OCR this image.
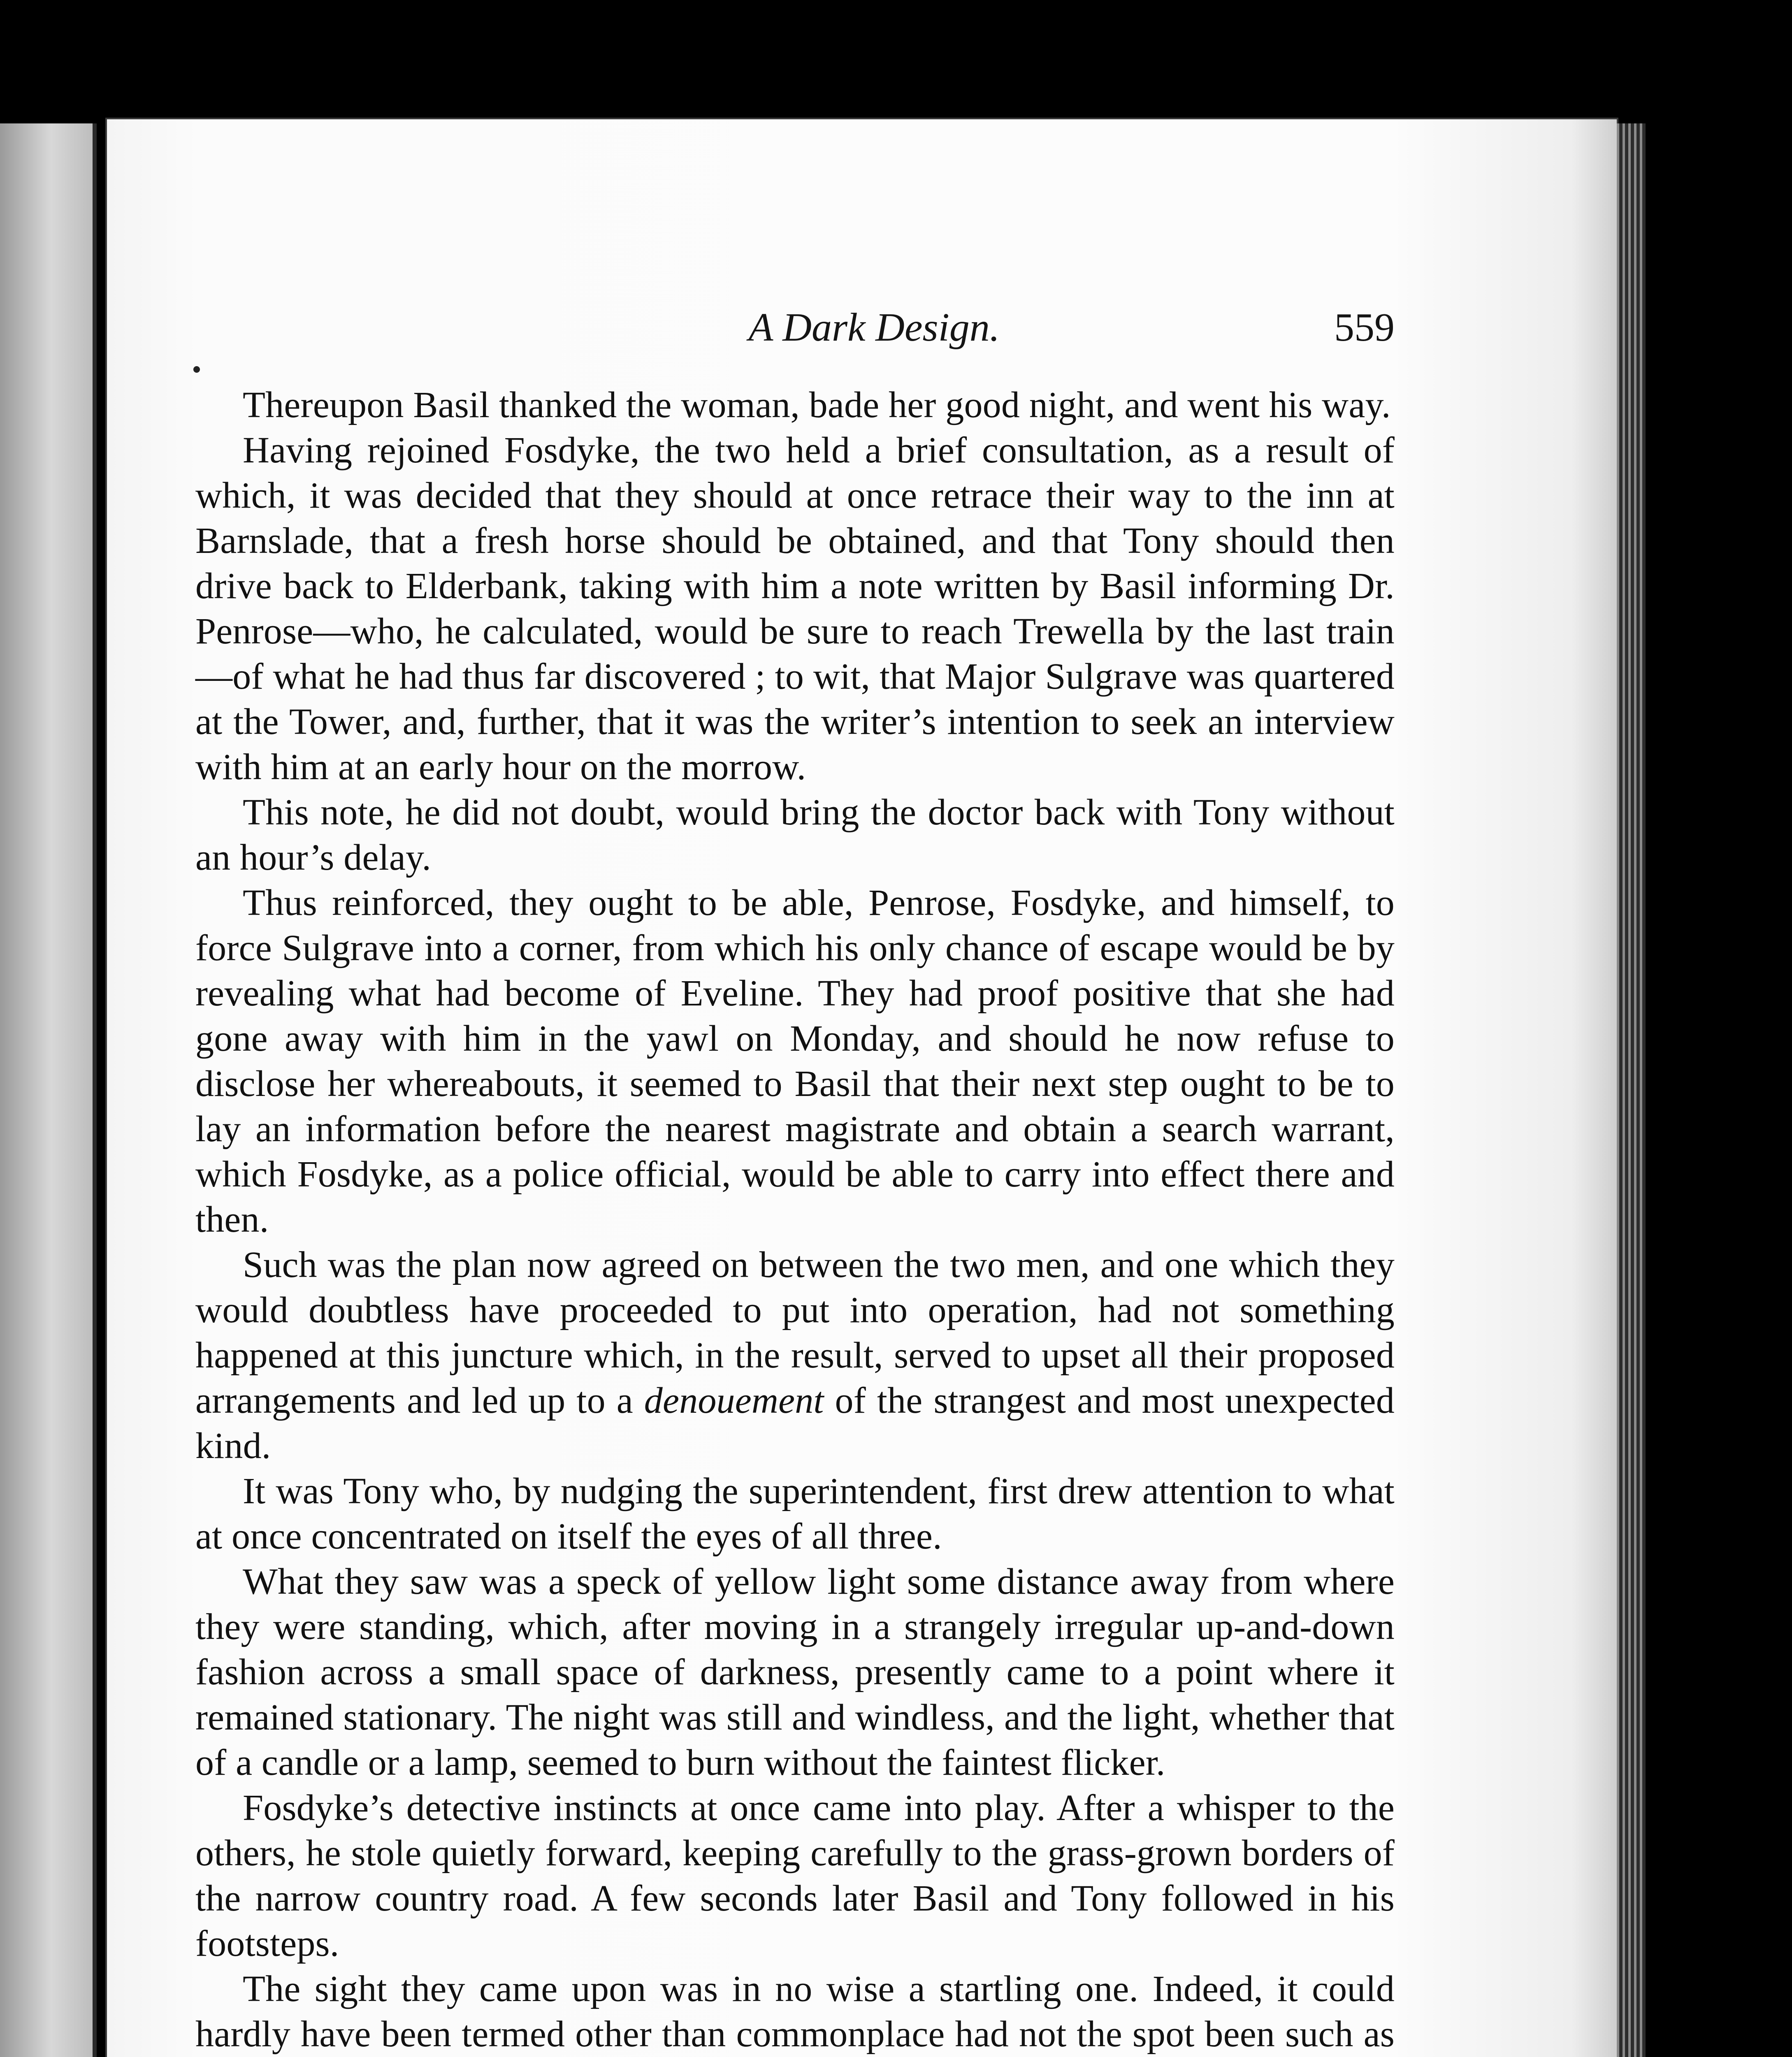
A Dark Design.	559

Thereupon Basil thanked the woman, bade her good night, and went his way.

Having rejoined Fosdyke, the two held a brief consultation, as a result of which, it was decided that they should at once retrace their way to the inn at Barnslade, that a fresh horse should be obtained, and that Tony should then drive back to Elderbank, taking with him a note written by Basil informing Dr. Penrose—who, he calculated, would be sure to reach Trewella by the last train—of what he had thus far discovered ; to wit, that Major Sulgrave was quartered at the Tower, and, further, that it was the writer’s intention to seek an interview with him at an early hour on the morrow.

This note, he did not doubt, would bring the doctor back with Tony without an hour’s delay.

Thus reinforced, they ought to be able, Penrose, Fosdyke, and himself, to force Sulgrave into a corner, from which his only chance of escape would be by revealing what had become of Eveline. They had proof positive that she had gone away with him in the yawl on Monday, and should he now refuse to disclose her whereabouts, it seemed to Basil that their next step ought to be to lay an information before the nearest magistrate and obtain a search warrant, which Fosdyke, as a police official, would be able to carry into effect there and then.

Such was the plan now agreed on between the two men, and one which they would doubtless have proceeded to put into operation, had not something happened at this juncture which, in the result, served to upset all their proposed arrangements and led up to a denouement of the strangest and most unexpected kind.

It was Tony who, by nudging the superintendent, first drew attention to what at once concentrated on itself the eyes of all three.

What they saw was a speck of yellow light some distance away from where they were standing, which, after moving in a strangely irregular up-and-down fashion across a small space of darkness, presently came to a point where it remained stationary. The night was still and windless, and the light, whether that of a candle or a lamp, seemed to burn without the faintest flicker.

Fosdyke’s detective instincts at once came into play. After a whisper to the others, he stole quietly forward, keeping carefully to the grass-grown borders of the narrow country road. A few seconds later Basil and Tony followed in his footsteps.

The sight they came upon was in no wise a startling one. Indeed, it could hardly have been termed other than commonplace had not the spot been such as
